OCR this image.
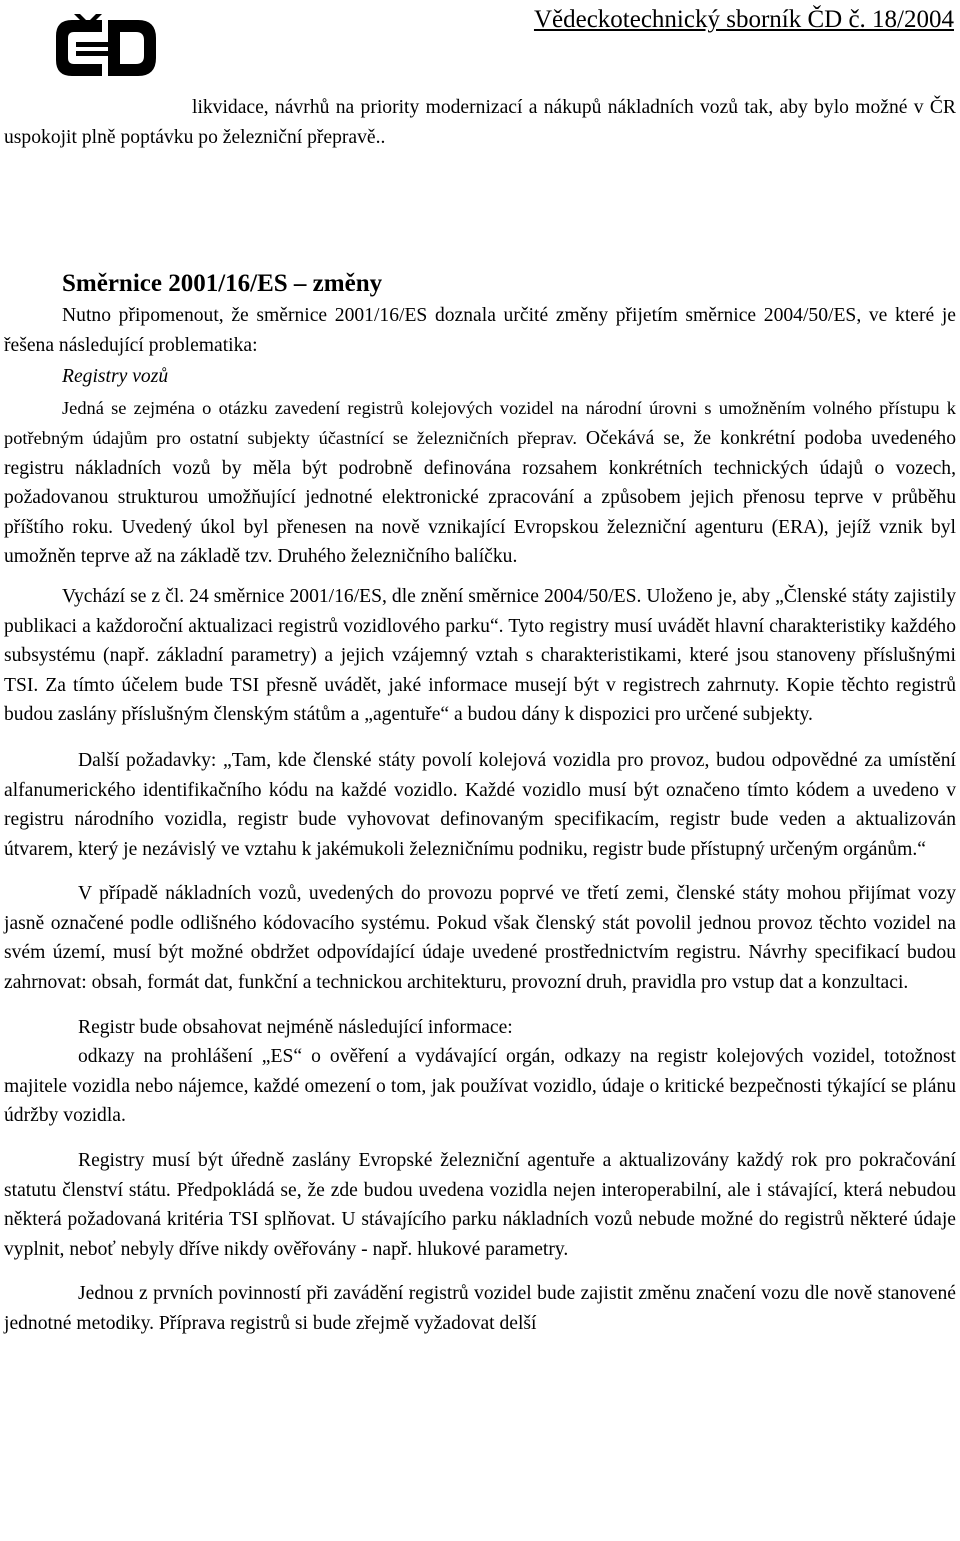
Vědeckotechnický sborník ČD č. 18/2004

likvidace, návrhů na priority modernizací a nákupů nákladních vozů tak, aby bylo možné v ČR uspokojit plně poptávku po železniční přepravě..

Směrnice 2001/16/ES – změny

Nutno připomenout, že směrnice 2001/16/ES doznala určité změny přijetím směrnice 2004/50/ES, ve které je řešena následující problematika:

Registry vozů

Jedná se zejména o otázku zavedení registrů kolejových vozidel na národní úrovni s umožněním volného přístupu k potřebným údajům pro ostatní subjekty účastnící se železničních přeprav. Očekává se, že konkrétní podoba uvedeného registru nákladních vozů by měla být podrobně definována rozsahem konkrétních technických údajů o vozech, požadovanou strukturou umožňující jednotné elektronické zpracování a způsobem jejich přenosu teprve v průběhu příštího roku. Uvedený úkol byl přenesen na nově vznikající Evropskou železniční agenturu (ERA), jejíž vznik byl umožněn teprve až na základě tzv. Druhého železničního balíčku.

Vychází se z čl. 24 směrnice 2001/16/ES, dle znění směrnice 2004/50/ES. Uloženo je, aby „Členské státy zajistily publikaci a každoroční aktualizaci registrů vozidlového parku“. Tyto registry musí uvádět hlavní charakteristiky každého subsystému (např. základní parametry) a jejich vzájemný vztah s charakteristikami, které jsou stanoveny příslušnými TSI. Za tímto účelem bude TSI přesně uvádět, jaké informace musejí být v registrech zahrnuty. Kopie těchto registrů budou zaslány příslušným členským státům a „agentuře“ a budou dány k dispozici pro určené subjekty.

Další požadavky: „Tam, kde členské státy povolí kolejová vozidla pro provoz, budou odpovědné za umístění alfanumerického identifikačního kódu na každé vozidlo. Každé vozidlo musí být označeno tímto kódem a uvedeno v registru národního vozidla, registr bude vyhovovat definovaným specifikacím, registr bude veden a aktualizován útvarem, který je nezávislý ve vztahu k jakémukoli železničnímu podniku, registr bude přístupný určeným orgánům.“

V případě nákladních vozů, uvedených do provozu poprvé ve třetí zemi, členské státy mohou přijímat vozy jasně označené podle odlišného kódovacího systému. Pokud však členský stát povolil jednou provoz těchto vozidel na svém území, musí být možné obdržet odpovídající údaje uvedené prostřednictvím registru. Návrhy specifikací budou zahrnovat: obsah, formát dat, funkční a technickou architekturu, provozní druh, pravidla pro vstup dat a konzultaci.

Registr bude obsahovat nejméně následující informace:

odkazy na prohlášení „ES“ o ověření a vydávající orgán, odkazy na registr kolejových vozidel, totožnost majitele vozidla nebo nájemce, každé omezení o tom, jak používat vozidlo, údaje o kritické bezpečnosti týkající se plánu údržby vozidla.

Registry musí být úředně zaslány Evropské železniční agentuře a aktualizovány každý rok pro pokračování statutu členství státu. Předpokládá se, že zde budou uvedena vozidla nejen interoperabilní, ale i stávající, která nebudou některá požadovaná kritéria TSI splňovat. U stávajícího parku nákladních vozů nebude možné do registrů některé údaje vyplnit, neboť nebyly dříve nikdy ověřovány - např. hlukové parametry.

Jednou z prvních povinností při zavádění registrů vozidel bude zajistit změnu značení vozu dle nově stanovené jednotné metodiky. Příprava registrů si bude zřejmě vyžadovat delší
